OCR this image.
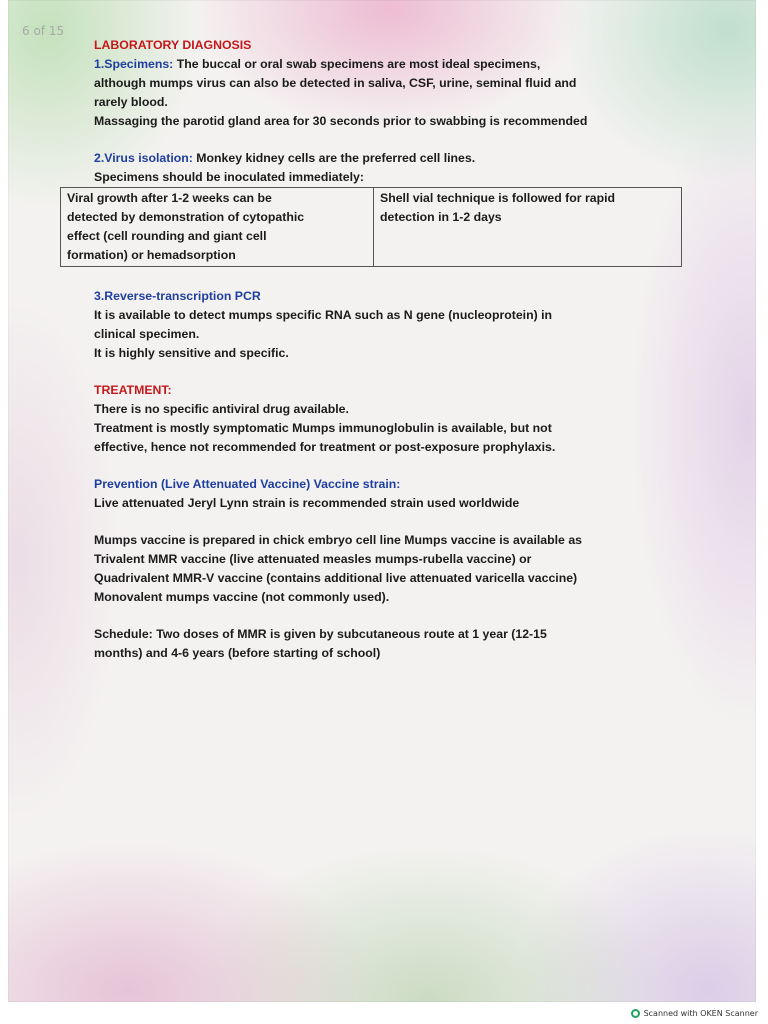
6 of 15

LABORATORY DIAGNOSIS

1.Specimens: The buccal or oral swab specimens are most ideal specimens,

although mumps virus can also be detected in saliva, CSF, urine, seminal fluid and

rarely blood.

Massaging the parotid gland area for 30 seconds prior to swabbing is recommended

2.Virus isolation: Monkey kidney cells are the preferred cell lines.

Specimens should be inoculated immediately:

Viral growth after 1-2 weeks can be

detected by demonstration of cytopathic

effect (cell rounding and giant cell

formation) or hemadsorption

Shell vial technique is followed for rapid

detection in 1-2 days

3.Reverse-transcription PCR

It is available to detect mumps specific RNA such as N gene (nucleoprotein) in

clinical specimen.

It is highly sensitive and specific.

TREATMENT:

There is no specific antiviral drug available.

Treatment is mostly symptomatic Mumps immunoglobulin is available, but not

effective, hence not recommended for treatment or post-exposure prophylaxis.

Prevention (Live Attenuated Vaccine) Vaccine strain:

Live attenuated Jeryl Lynn strain is recommended strain used worldwide

Mumps vaccine is prepared in chick embryo cell line Mumps vaccine is available as

Trivalent MMR vaccine (live attenuated measles mumps-rubella vaccine) or

Quadrivalent MMR-V vaccine (contains additional live attenuated varicella vaccine)

Monovalent mumps vaccine (not commonly used).

Schedule: Two doses of MMR is given by subcutaneous route at 1 year (12-15

months) and 4-6 years (before starting of school)

Scanned with OKEN Scanner
